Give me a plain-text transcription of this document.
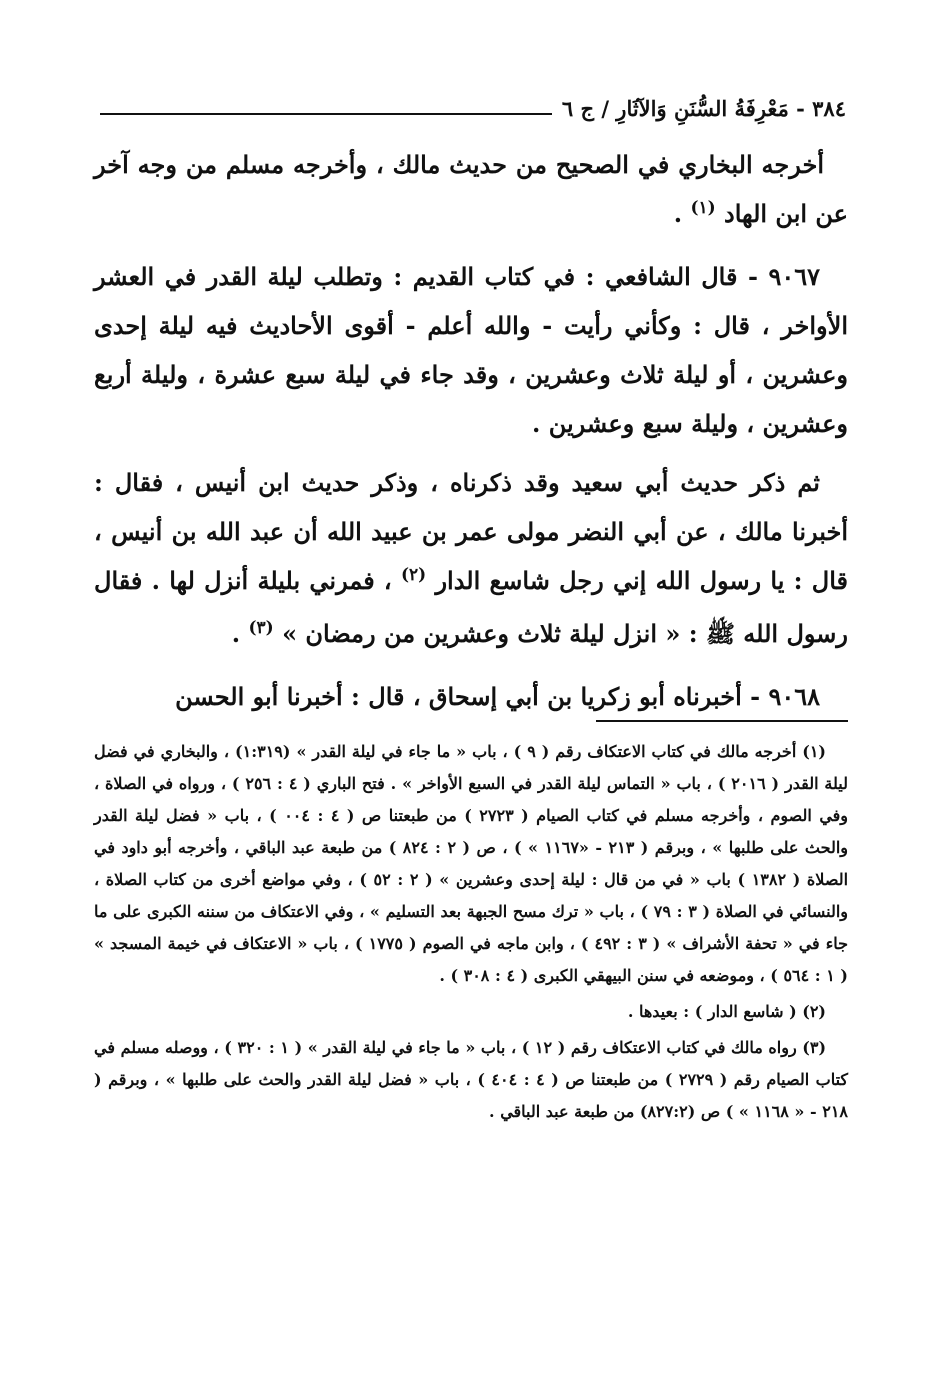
٣٨٤ - مَعْرِفَةُ السُّنَنِ وَالآثَارِ / ج ٦

أخرجه البخاري في الصحيح من حديث مالك ، وأخرجه مسلم من وجه آخر عن ابن الهاد $^{(١)}$ .

٩٠٦٧ - قال الشافعي : في كتاب القديم : وتطلب ليلة القدر في العشر الأواخر ، قال : وكأني رأيت - والله أعلم - أقوى الأحاديث فيه ليلة إحدى وعشرين ، أو ليلة ثلاث وعشرين ، وقد جاء في ليلة سبع عشرة ، وليلة أربع وعشرين ، وليلة سبع وعشرين .

ثم ذكر حديث أبي سعيد وقد ذكرناه ، وذكر حديث ابن أنيس ، فقال : أخبرنا مالك ، عن أبي النضر مولى عمر بن عبيد الله أن عبد الله بن أنيس ، قال : يا رسول الله إني رجل شاسع الدار $^{(٢)}$ ، فمرني بليلة أنزل لها . فقال رسول الله ﷺ : « انزل ليلة ثلاث وعشرين من رمضان » $^{(٣)}$ .

٩٠٦٨ - أخبرناه أبو زكريا بن أبي إسحاق ، قال : أخبرنا أبو الحسن

(١) أخرجه مالك في كتاب الاعتكاف رقم ( ٩ ) ، باب « ما جاء في ليلة القدر » (١:٣١٩) ، والبخاري في فضل ليلة القدر ( ٢٠١٦ ) ، باب « التماس ليلة القدر في السبع الأواخر » . فتح الباري ( ٤ : ٢٥٦ ) ، ورواه في الصلاة ، وفي الصوم ، وأخرجه مسلم في كتاب الصيام ( ٢٧٢٣ ) من طبعتنا ص ( ٤ : ٠٠٤ ) ، باب « فضل ليلة القدر والحث على طلبها » ، وبرقم ( ٢١٣ - «١١٦٧ » ) ، ص ( ٢ : ٨٢٤ ) من طبعة عبد الباقي ، وأخرجه أبو داود في الصلاة ( ١٣٨٢ ) باب « في من قال : ليلة إحدى وعشرين » ( ٢ : ٥٢ ) ، وفي مواضع أخرى من كتاب الصلاة ، والنسائي في الصلاة ( ٣ : ٧٩ ) ، باب « ترك مسح الجبهة بعد التسليم » ، وفي الاعتكاف من سننه الكبرى على ما جاء في « تحفة الأشراف » ( ٣ : ٤٩٢ ) ، وابن ماجه في الصوم ( ١٧٧٥ ) ، باب « الاعتكاف في خيمة المسجد » ( ١ : ٥٦٤ ) ، وموضعه في سنن البيهقي الكبرى ( ٤ : ٣٠٨ ) .

(٢) ( شاسع الدار ) : بعيدها .

(٣) رواه مالك في كتاب الاعتكاف رقم ( ١٢ ) ، باب « ما جاء في ليلة القدر » ( ١ : ٣٢٠ ) ، ووصله مسلم في كتاب الصيام رقم ( ٢٧٢٩ ) من طبعتنا ص ( ٤ : ٤٠٤ ) ، باب « فضل ليلة القدر والحث على طلبها » ، وبرقم ( ٢١٨ - « ١١٦٨ » ) ص (٨٢٧:٢) من طبعة عبد الباقي .
